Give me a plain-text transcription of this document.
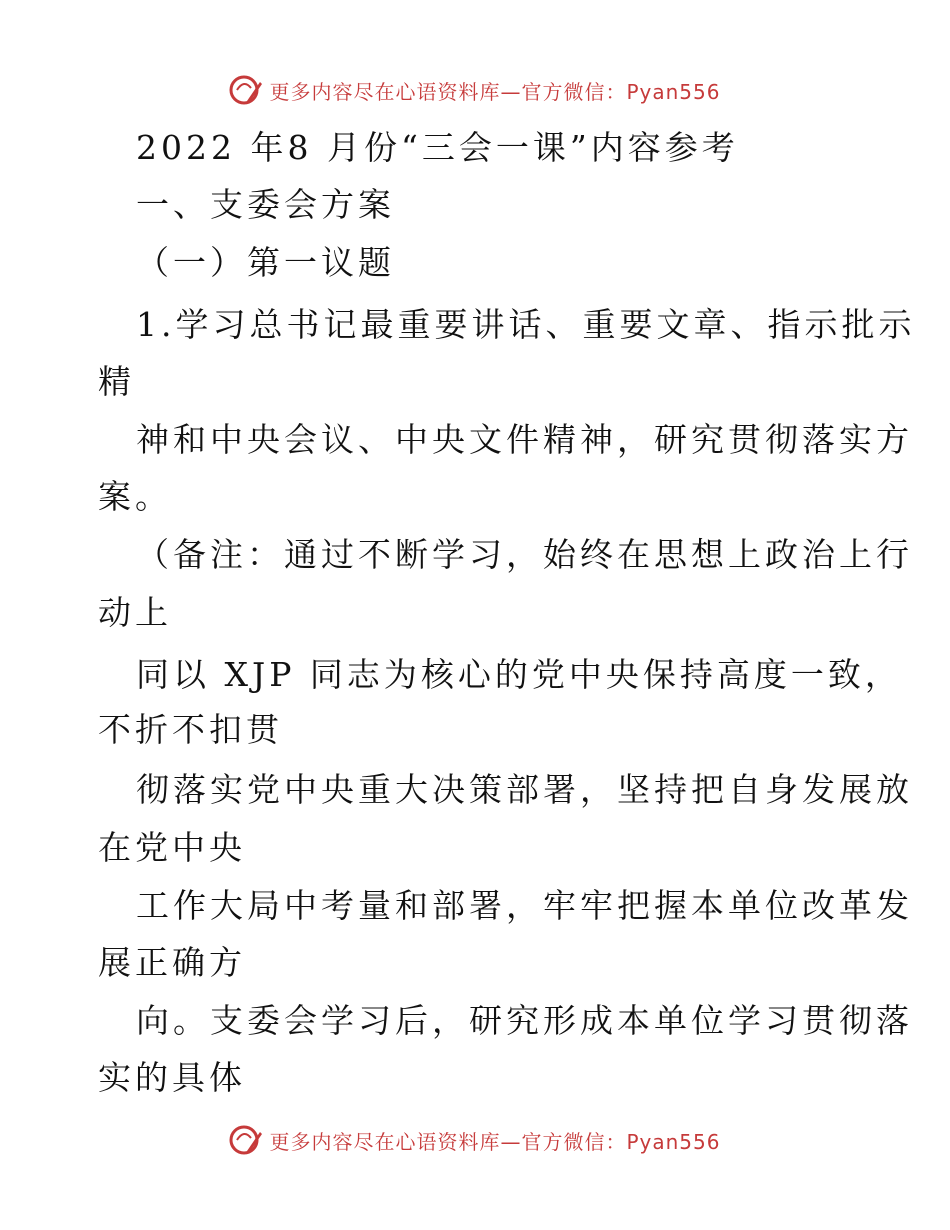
更多内容尽在心语资料库—官方微信：Pyan556
2022 年8 月份“三会一课”内容参考
一、支委会方案
（一）第一议题
1.学习总书记最重要讲话、重要文章、指示批示
精
神和中央会议、中央文件精神，研究贯彻落实方
案。
（备注：通过不断学习，始终在思想上政治上行
动上
同以 XJP 同志为核心的党中央保持高度一致，
不折不扣贯
彻落实党中央重大决策部署，坚持把自身发展放
在党中央
工作大局中考量和部署，牢牢把握本单位改革发
展正确方
向。支委会学习后，研究形成本单位学习贯彻落
实的具体
更多内容尽在心语资料库—官方微信：Pyan556
